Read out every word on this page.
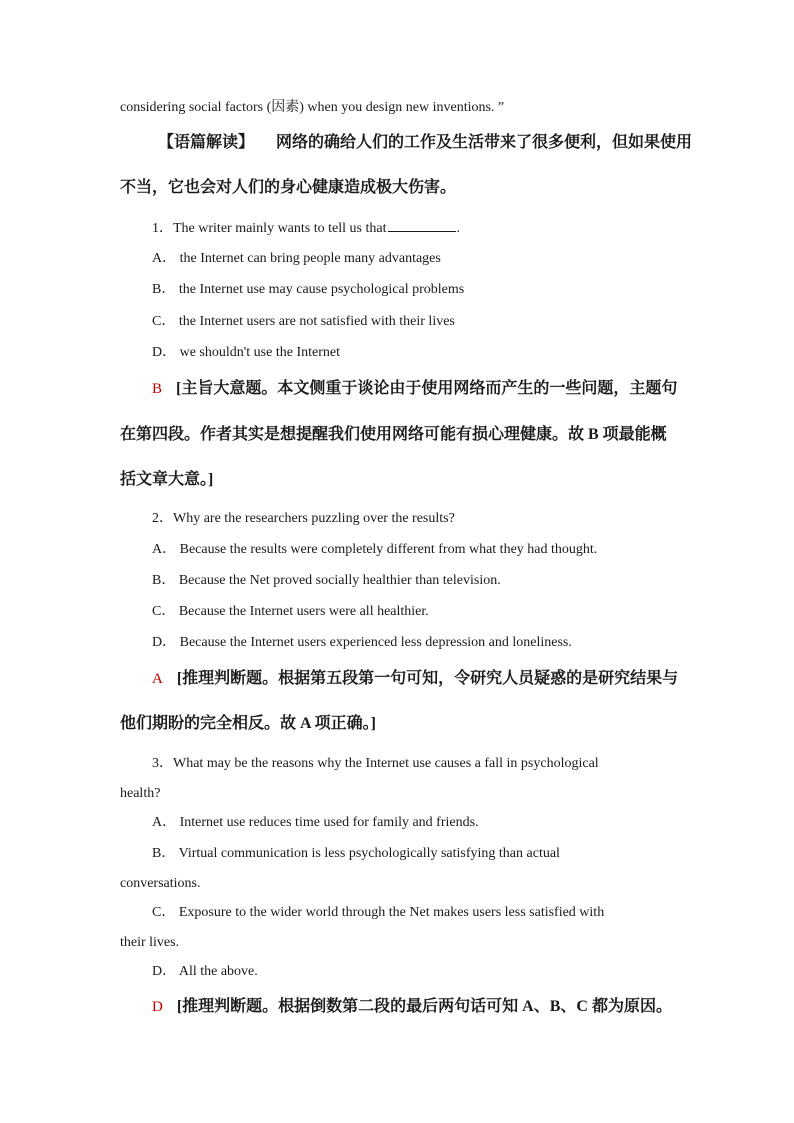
considering social factors (因素) when you design new inventions. ”
【语篇解读】 网络的确给人们的工作及生活带来了很多便利，但如果使用
不当，它也会对人们的身心健康造成极大伤害。
1．The writer mainly wants to tell us that	.
A． the Internet can bring people many advantages
B． the Internet use may cause psychological problems
C． the Internet users are not satisfied with their lives
D． we shouldn't use the Internet
B [主旨大意题。本文侧重于谈论由于使用网络而产生的一些问题，主题句
在第四段。作者其实是想提醒我们使用网络可能有损心理健康。故 B 项最能概
括文章大意。]
2．Why are the researchers puzzling over the results?
A． Because the results were completely different from what they had thought.
B． Because the Net proved socially healthier than television.
C． Because the Internet users were all healthier.
D． Because the Internet users experienced less depression and loneliness.
A [推理判断题。根据第五段第一句可知，令研究人员疑惑的是研究结果与
他们期盼的完全相反。故 A 项正确。]
3．What may be the reasons why the Internet use causes a fall in psychological
health?
A． Internet use reduces time used for family and friends.
B． Virtual communication is less psychologically satisfying than actual
conversations.
C． Exposure to the wider world through the Net makes users less satisfied with
their lives.
D． All the above.
D [推理判断题。根据倒数第二段的最后两句话可知 A、B、C 都为原因。
